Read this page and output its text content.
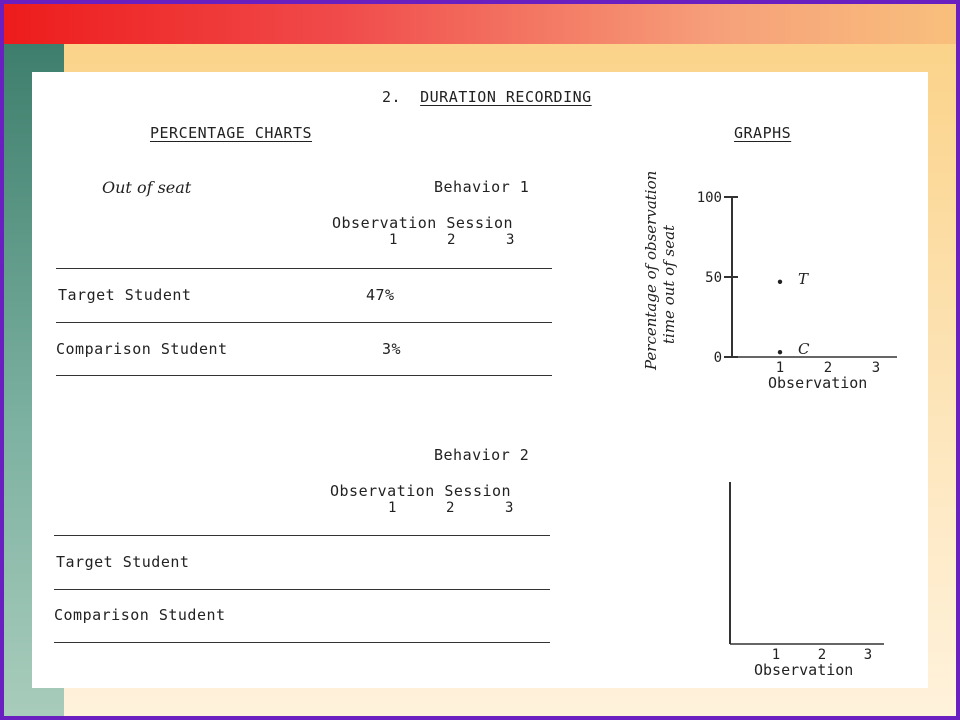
2. DURATION RECORDING
PERCENTAGE CHARTS	GRAPHS
Out of seat	Behavior 1
Observation Session
1	2	3
Target Student	47%
Comparison Student	3%
Behavior 2
Observation Session
1	2	3
Target Student
Comparison Student
Percentage of observation time out of seat
0
50
100
1	2	3
T
C
Observation
1	2	3
Observation
